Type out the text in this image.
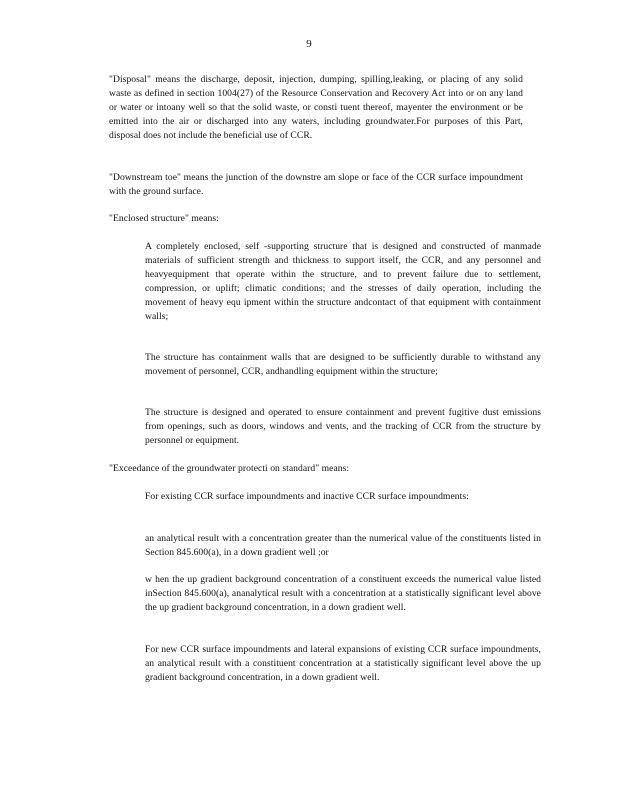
9

"Disposal" means the discharge, deposit, injection, dumping, spilling,leaking, or placing of any solid waste as defined in section 1004(27) of the Resource Conservation and Recovery Act into or on any land or water or intoany well so that the solid waste, or consti tuent thereof, mayenter the environment or be emitted into the air or discharged into any waters, including groundwater.For purposes of this Part, disposal does not include the beneficial use of CCR.

"Downstream toe" means the junction of the downstre am slope or face of the CCR surface impoundment with the ground surface.

"Enclosed structure" means:

A completely enclosed, self -supporting structure that is designed and constructed of manmade materials of sufficient strength and thickness to support itself, the CCR, and any personnel and heavyequipment that operate within the structure, and to prevent failure due to settlement, compression, or uplift; climatic conditions; and the stresses of daily operation, including the movement of heavy equ ipment within the structure andcontact of that equipment with containment walls;

The structure has containment walls that are designed to be sufficiently durable to withstand any movement of personnel, CCR, andhandling equipment within the structure;

The structure is designed and operated to ensure containment and prevent fugitive dust emissions from openings, such as doors, windows and vents, and the tracking of CCR from the structure by personnel or equipment.

"Exceedance of the groundwater protecti on standard" means:

For existing CCR surface impoundments and inactive CCR surface impoundments:

an analytical result with a concentration greater than the numerical value of the constituents listed in Section 845.600(a), in a down gradient well ;or

w hen the up gradient background concentration of a constituent exceeds the numerical value listed inSection 845.600(a), ananalytical result with a concentration at a statistically significant level above the up gradient background concentration, in a down gradient well.

For new CCR surface impoundments and lateral expansions of existing CCR surface impoundments, an analytical result with a constituent concentration at a statistically significant level above the up gradient background concentration, in a down gradient well.
